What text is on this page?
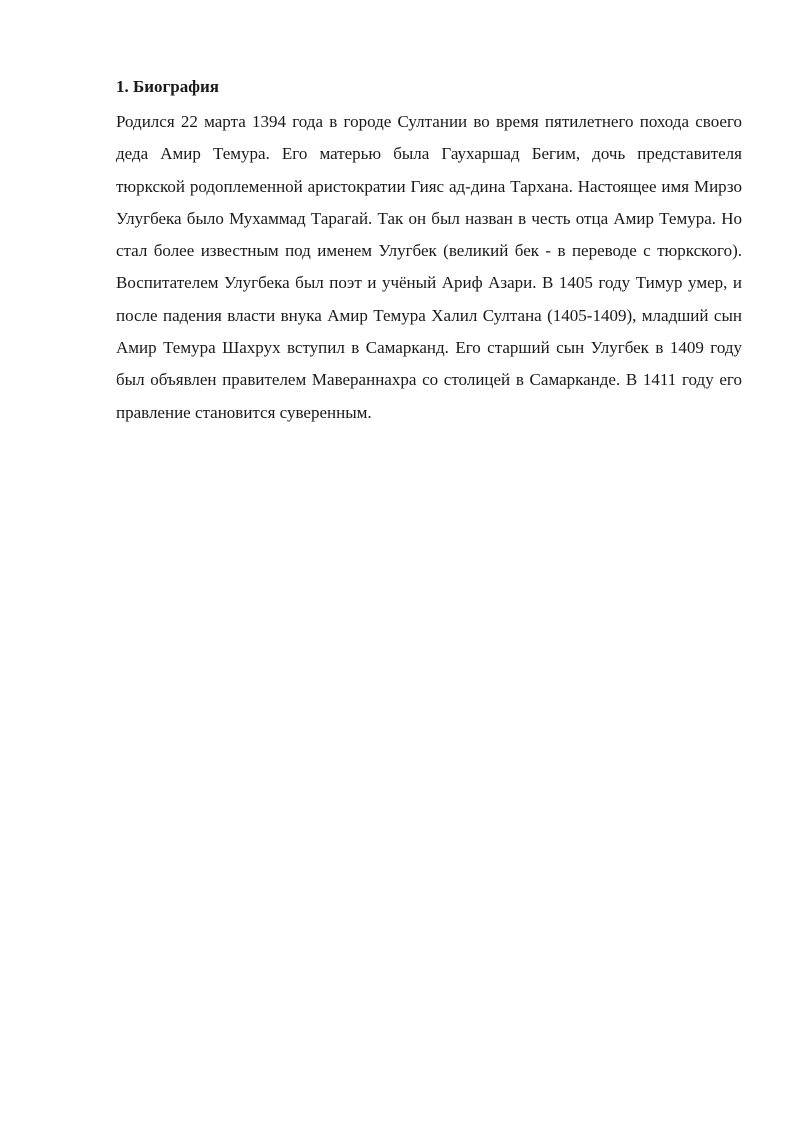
1. Биография

Родился 22 марта 1394 года в городе Султании во время пятилетнего похода своего деда Амир Темура. Его матерью была Гаухаршад Бегим, дочь представителя тюркской родоплеменной аристократии Гияс ад-дина Тархана. Настоящее имя Мирзо Улугбека было Мухаммад Тарагай. Так он был назван в честь отца Амир Темура. Но стал более известным под именем Улугбек (великий бек - в переводе с тюркского). Воспитателем Улугбека был поэт и учёный Ариф Азари. В 1405 году Тимур умер, и после падения власти внука Амир Темура Халил Султана (1405-1409), младший сын Амир Темура Шахрух вступил в Самарканд. Его старший сын Улугбек в 1409 году был объявлен правителем Мавераннахра со столицей в Самарканде. В 1411 году его правление становится суверенным.
